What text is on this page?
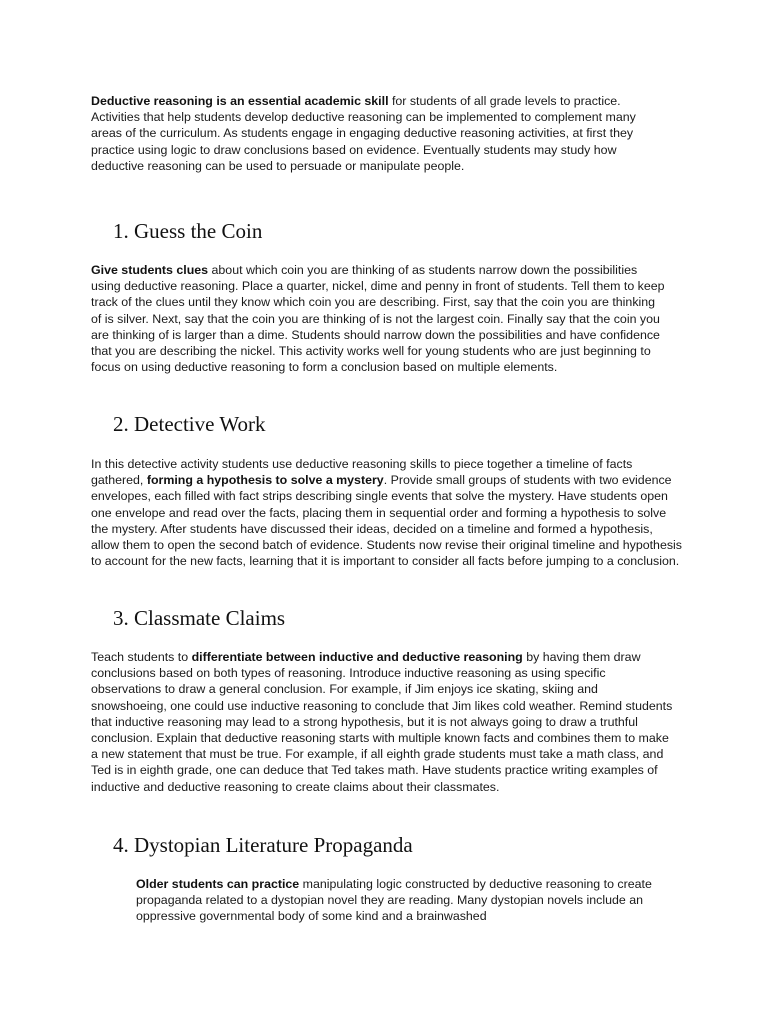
Deductive reasoning is an essential academic skill for students of all grade levels to practice. Activities that help students develop deductive reasoning can be implemented to complement many areas of the curriculum. As students engage in engaging deductive reasoning activities, at first they practice using logic to draw conclusions based on evidence. Eventually students may study how deductive reasoning can be used to persuade or manipulate people.

1. Guess the Coin

Give students clues about which coin you are thinking of as students narrow down the possibilities using deductive reasoning. Place a quarter, nickel, dime and penny in front of students. Tell them to keep track of the clues until they know which coin you are describing. First, say that the coin you are thinking of is silver. Next, say that the coin you are thinking of is not the largest coin. Finally say that the coin you are thinking of is larger than a dime. Students should narrow down the possibilities and have confidence that you are describing the nickel. This activity works well for young students who are just beginning to focus on using deductive reasoning to form a conclusion based on multiple elements.

2. Detective Work

In this detective activity students use deductive reasoning skills to piece together a timeline of facts gathered, forming a hypothesis to solve a mystery. Provide small groups of students with two evidence envelopes, each filled with fact strips describing single events that solve the mystery. Have students open one envelope and read over the facts, placing them in sequential order and forming a hypothesis to solve the mystery. After students have discussed their ideas, decided on a timeline and formed a hypothesis, allow them to open the second batch of evidence. Students now revise their original timeline and hypothesis to account for the new facts, learning that it is important to consider all facts before jumping to a conclusion.

3. Classmate Claims

Teach students to differentiate between inductive and deductive reasoning by having them draw conclusions based on both types of reasoning. Introduce inductive reasoning as using specific observations to draw a general conclusion. For example, if Jim enjoys ice skating, skiing and snowshoeing, one could use inductive reasoning to conclude that Jim likes cold weather. Remind students that inductive reasoning may lead to a strong hypothesis, but it is not always going to draw a truthful conclusion. Explain that deductive reasoning starts with multiple known facts and combines them to make a new statement that must be true. For example, if all eighth grade students must take a math class, and Ted is in eighth grade, one can deduce that Ted takes math. Have students practice writing examples of inductive and deductive reasoning to create claims about their classmates.

4. Dystopian Literature Propaganda

Older students can practice manipulating logic constructed by deductive reasoning to create propaganda related to a dystopian novel they are reading. Many dystopian novels include an oppressive governmental body of some kind and a brainwashed
